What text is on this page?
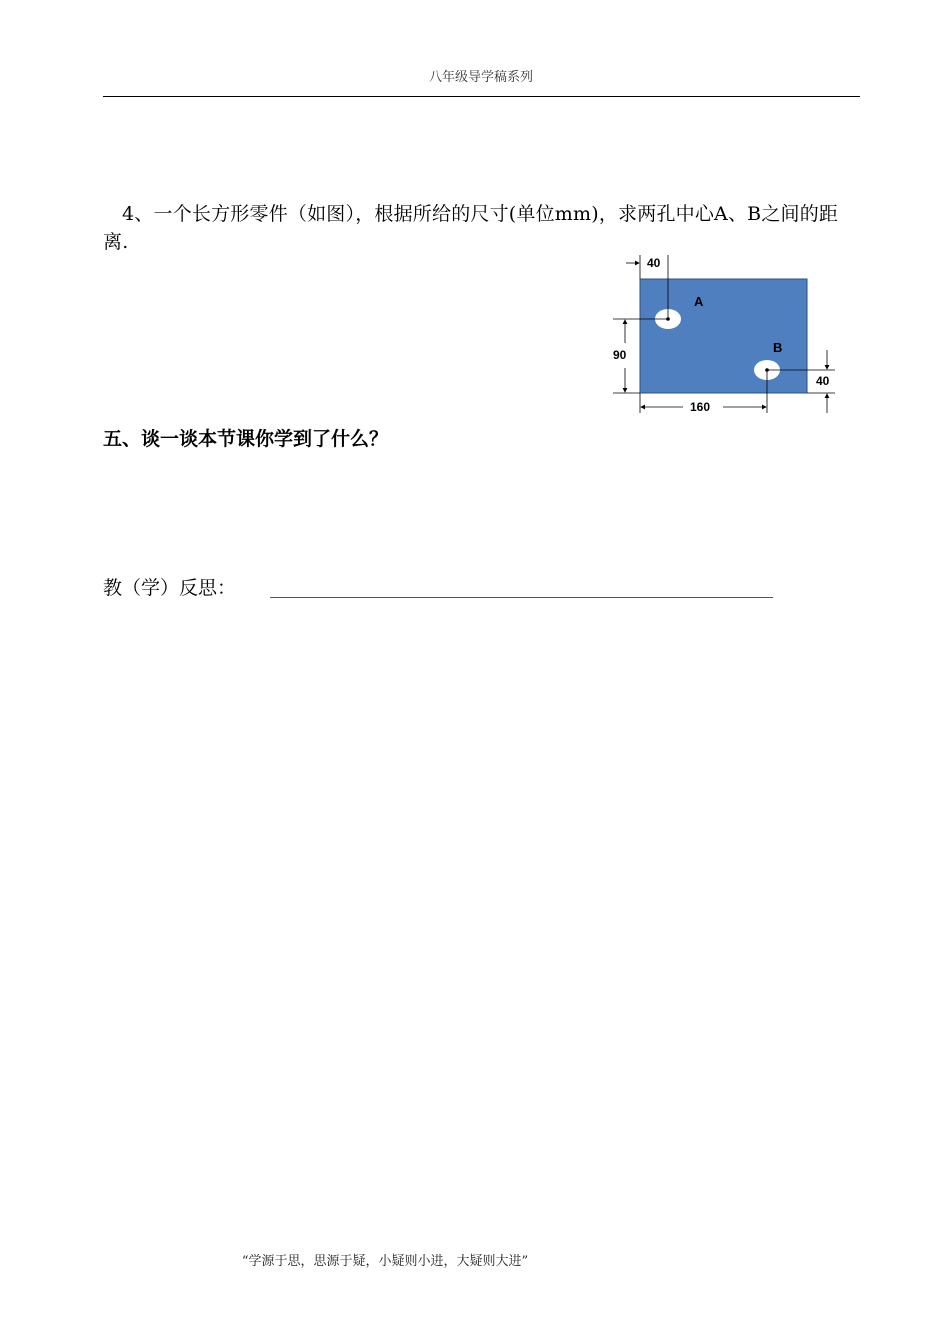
八年级导学稿系列
4、一个长方形零件（如图），根据所给的尺寸(单位mm)，求两孔中心A、B之间的距离.
40
90
40
160
A
B
五、谈一谈本节课你学到了什么？
教（学）反思：
“学源于思，思源于疑，小疑则小进，大疑则大进”
